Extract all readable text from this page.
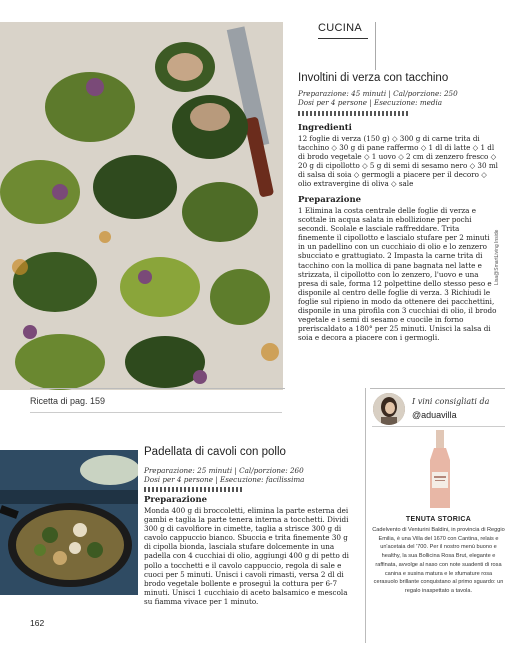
CUCINA
Involtini di verza con tacchino
Preparazione: 45 minuti | Cal/porzione: 250
Dosi per 4 persone | Esecuzione: media
Ingredienti
12 foglie di verza (150 g) ◇ 300 g di carne trita di tacchino ◇ 30 g di pane raffermo ◇ 1 dl di latte ◇ 1 dl di brodo vegetale ◇ 1 uovo ◇ 2 cm di zenzero fresco ◇ 20 g di cipollotto ◇ 5 g di semi di sesamo nero ◇ 30 ml di salsa di soia ◇ germogli a piacere per il decoro ◇ olio extravergine di oliva ◇ sale
Preparazione
1 Elimina la costa centrale delle foglie di verza e scottale in acqua salata in ebollizione per pochi secondi. Scolale e lasciale raffreddare. Trita finemente il cipollotto e lascialo stufare per 2 minuti in un padellino con un cucchiaio di olio e lo zenzero sbucciato e grattugiato. 2 Impasta la carne trita di tacchino con la mollica di pane bagnata nel latte e strizzata, il cipollotto con lo zenzero, l'uovo e una presa di sale, forma 12 polpettine dello stesso peso e disponile al centro delle foglie di verza. 3 Richiudi le foglie sul ripieno in modo da ottenere dei pacchettini, disponile in una pirofila con 3 cucchiai di olio, il brodo vegetale e i semi di sesamo e cuocile in forno preriscaldato a 180° per 25 minuti. Unisci la salsa di soia e decora a piacere con i germogli.
Lisa@SmartLiving Inside
Ricetta di pag. 159
Padellata di cavoli con pollo
Preparazione: 25 minuti | Cal/porzione: 260
Dosi per 4 persone | Esecuzione: facilissima
Preparazione
Monda 400 g di broccoletti, elimina la parte esterna dei gambi e taglia la parte tenera interna a tocchetti. Dividi 300 g di cavolfiore in cimette, taglia a strisce 300 g di cavolo cappuccio bianco. Sbuccia e trita finemente 30 g di cipolla bionda, lasciala stufare dolcemente in una padella con 4 cucchiai di olio, aggiungi 400 g di petto di pollo a tocchetti e il cavolo cappuccio, regola di sale e cuoci per 5 minuti. Unisci i cavoli rimasti, versa 2 dl di brodo vegetale bollente e proseguì la cottura per 6-7 minuti. Unisci 1 cucchiaio di aceto balsamico e mescola su fiamma vivace per 1 minuto.
162
I vini consigliati da
@aduavilla
TENUTA STORICA
Cadelvento di Venturini Baldini, in provincia di Reggio Emilia, è una Villa del 1670 con Cantina, relais e un'acetaia del '700. Per il nostro menù buono e healthy, la sua Bollicina Rosa Brut, elegante e raffinata, avvolge al naso con note suadenti di rosa canina e susina matura e le sfumature rosa cerasuolo brillante conquistano al primo sguardo: un regalo inaspettato a tavola.
